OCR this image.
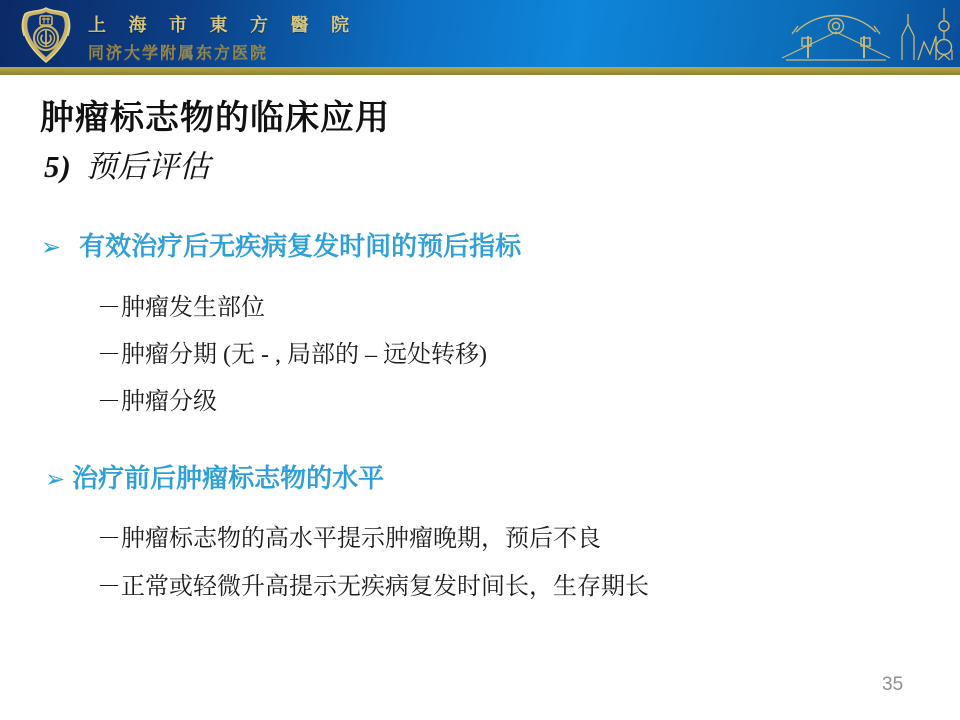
上 海 市 東 方 醫 院
同济大学附属东方医院
肿瘤标志物的临床应用
5) 预后评估
➢ 有效治疗后无疾病复发时间的预后指标
－肿瘤发生部位
－肿瘤分期 (无 - , 局部的 – 远处转移)
－肿瘤分级
➢ 治疗前后肿瘤标志物的水平
－肿瘤标志物的高水平提示肿瘤晚期，预后不良
－正常或轻微升高提示无疾病复发时间长，生存期长
35
